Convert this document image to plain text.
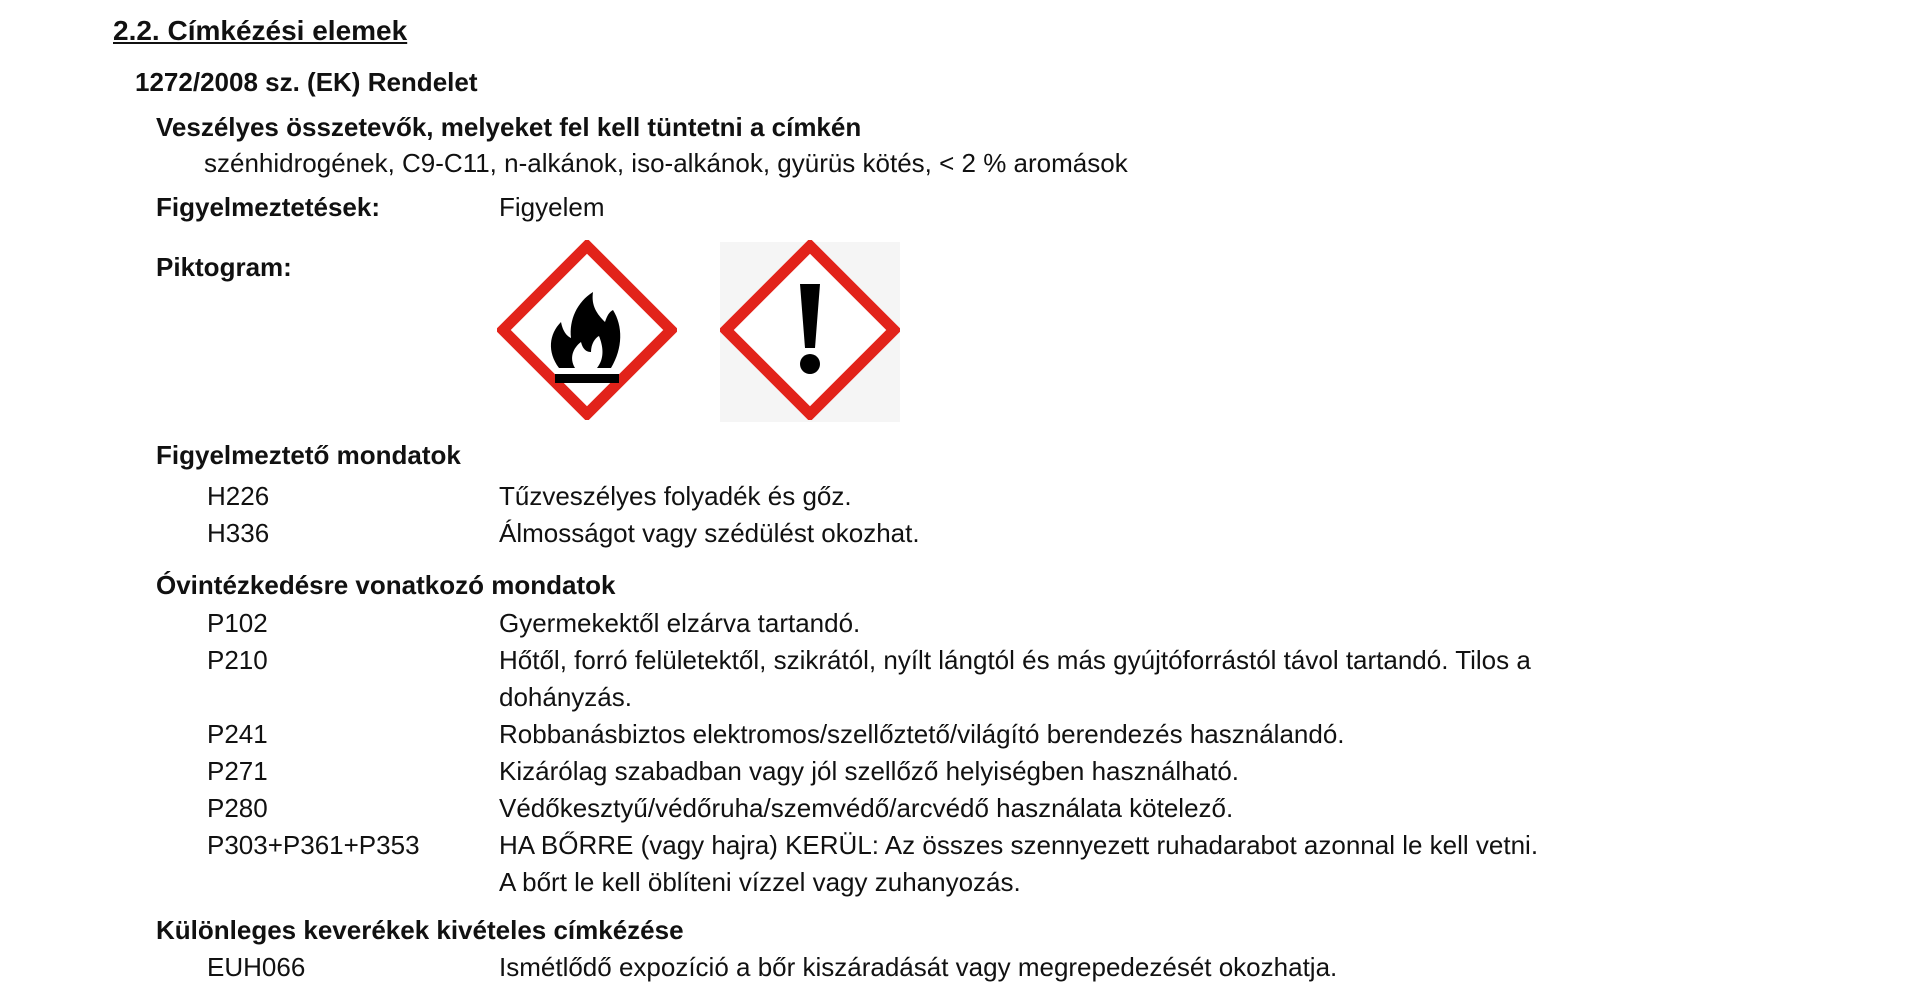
2.2. Címkézési elemek
1272/2008 sz. (EK) Rendelet
Veszélyes összetevők, melyeket fel kell tüntetni a címkén
szénhidrogének, C9-C11, n-alkánok, iso-alkánok, gyürüs kötés, < 2 % aromások
Figyelmeztetések:	Figyelem
Piktogram:
Figyelmeztető mondatok
H226	Tűzveszélyes folyadék és gőz.
H336	Álmosságot vagy szédülést okozhat.
Óvintézkedésre vonatkozó mondatok
P102	Gyermekektől elzárva tartandó.
P210	Hőtől, forró felületektől, szikrától, nyílt lángtól és más gyújtóforrástól távol tartandó. Tilos a
dohányzás.
P241	Robbanásbiztos elektromos/szellőztető/világító berendezés használandó.
P271	Kizárólag szabadban vagy jól szellőző helyiségben használható.
P280	Védőkesztyű/védőruha/szemvédő/arcvédő használata kötelező.
P303+P361+P353	HA BŐRRE (vagy hajra) KERÜL: Az összes szennyezett ruhadarabot azonnal le kell vetni.
A bőrt le kell öblíteni vízzel vagy zuhanyozás.
Különleges keverékek kivételes címkézése
EUH066	Ismétlődő expozíció a bőr kiszáradását vagy megrepedezését okozhatja.
